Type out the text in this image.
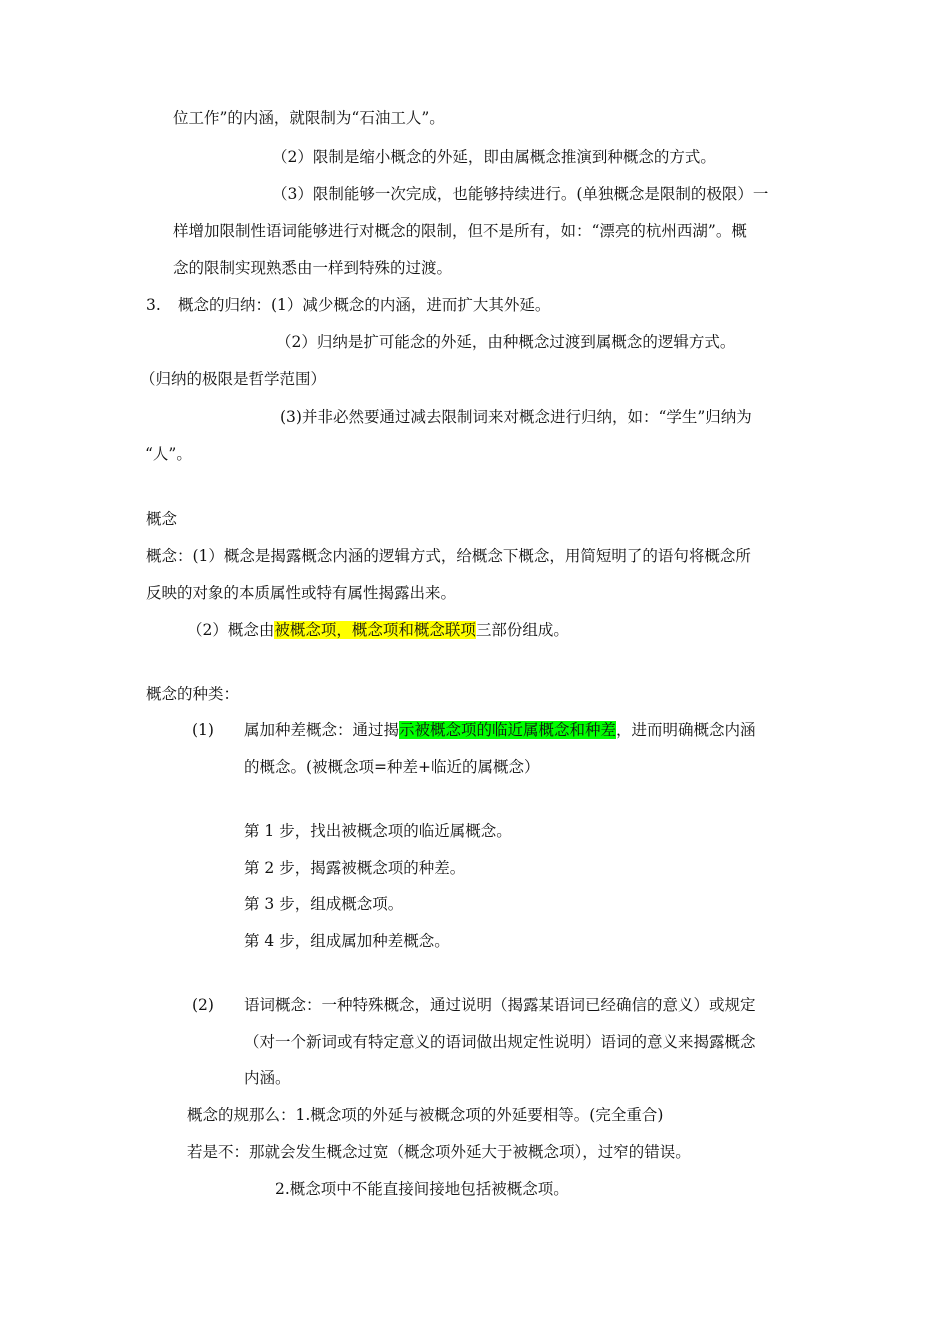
位工作”的内涵，就限制为“石油工人”。
（2）限制是缩小概念的外延，即由属概念推演到种概念的方式。
（3）限制能够一次完成，也能够持续进行。(单独概念是限制的极限）一
样增加限制性语词能够进行对概念的限制，但不是所有，如：“漂亮的杭州西湖”。概
念的限制实现熟悉由一样到特殊的过渡。
3. 概念的归纳：(1）减少概念的内涵，进而扩大其外延。
（2）归纳是扩可能念的外延，由种概念过渡到属概念的逻辑方式。
（归纳的极限是哲学范围）
(3)并非必然要通过减去限制词来对概念进行归纳，如：“学生”归纳为
“人”。
概念
概念：(1）概念是揭露概念内涵的逻辑方式，给概念下概念，用简短明了的语句将概念所
反映的对象的本质属性或特有属性揭露出来。
（2）概念由被概念项，概念项和概念联项三部份组成。
概念的种类：
(1) 属加种差概念：通过揭示被概念项的临近属概念和种差，进而明确概念内涵
的概念。(被概念项=种差+临近的属概念）
第 1 步，找出被概念项的临近属概念。
第 2 步，揭露被概念项的种差。
第 3 步，组成概念项。
第 4 步，组成属加种差概念。
(2) 语词概念：一种特殊概念，通过说明（揭露某语词已经确信的意义）或规定
（对一个新词或有特定意义的语词做出规定性说明）语词的意义来揭露概念
内涵。
概念的规那么：1.概念项的外延与被概念项的外延要相等。(完全重合)
若是不：那就会发生概念过宽（概念项外延大于被概念项），过窄的错误。
2.概念项中不能直接间接地包括被概念项。
